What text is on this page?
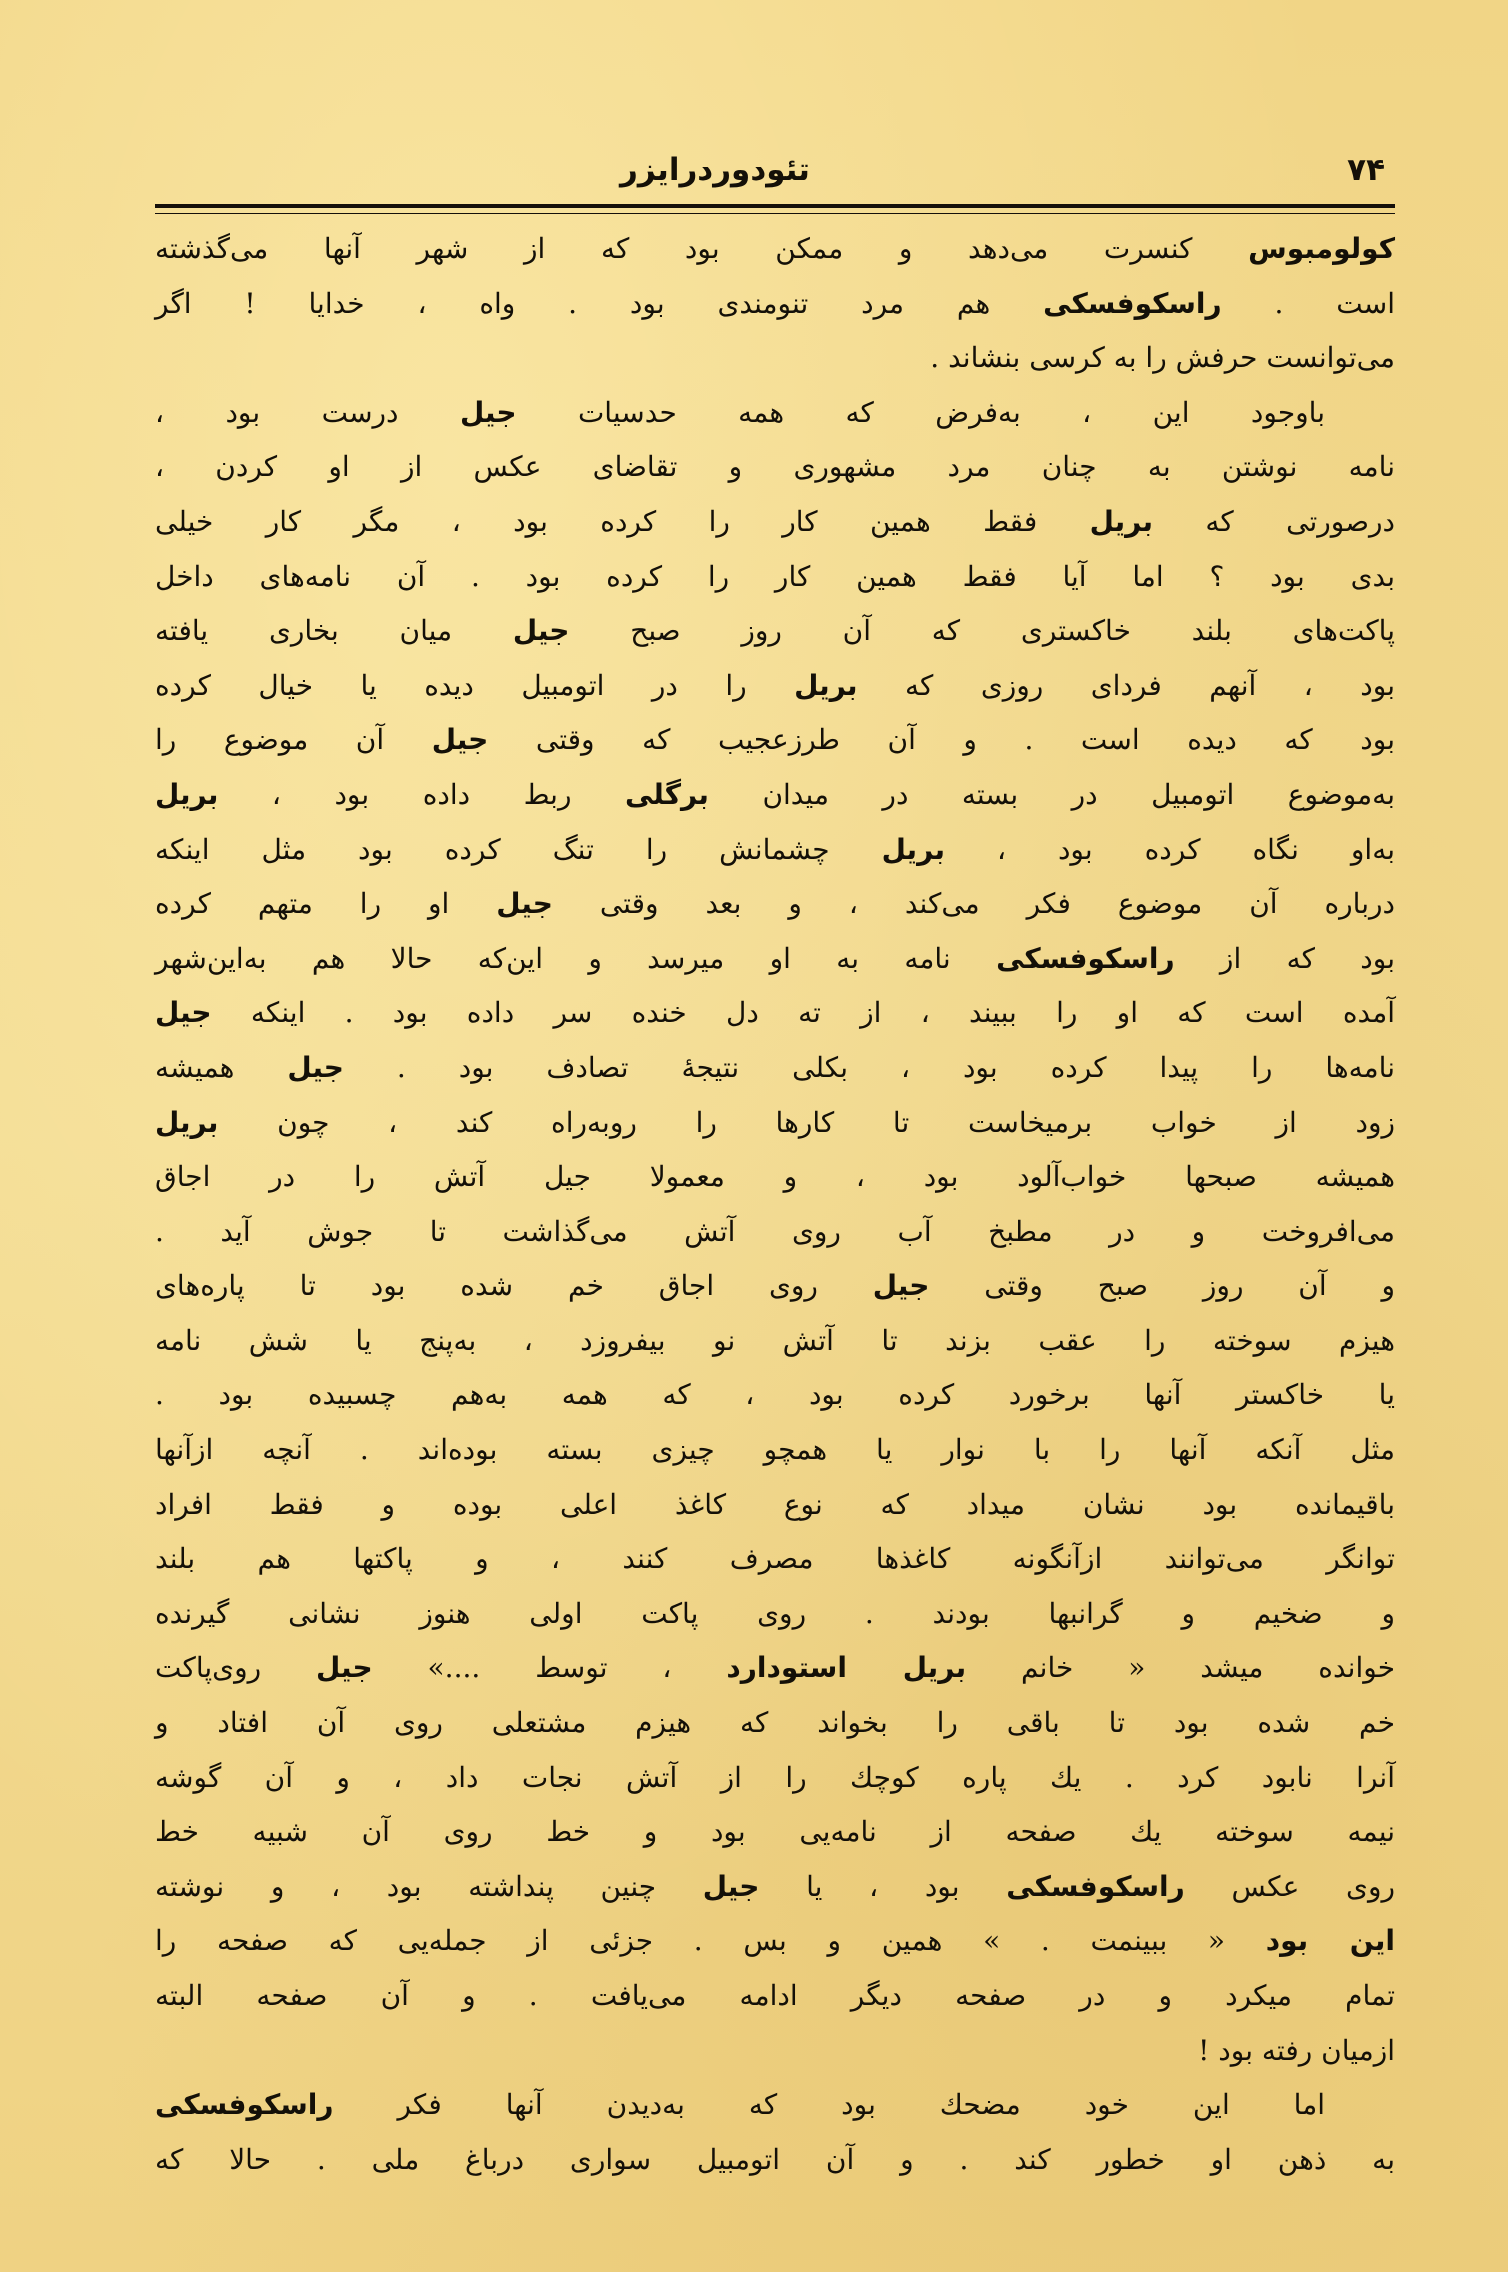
۷۴
تئودوردرایزر
کولومبوس کنسرت می‌دهد و ممکن بود که از شهر آنها می‌گذشته
است . راسکوفسکی هم مرد تنومندی بود . واه ، خدایا ! اگر
می‌توانست حرفش را به کرسی بنشاند .
باوجود این ، به‌فرض که همه حدسیات جیل درست بود ،
نامه نوشتن به چنان مرد مشهوری و تقاضای عکس از او کردن ،
درصورتی که بریل فقط همین کار را کرده بود ، مگر کار خیلی
بدی بود ؟ اما آیا فقط همین کار را کرده بود . آن نامه‌های داخل
پاکت‌های بلند خاکستری که آن روز صبح جیل میان بخاری یافته
بود ، آنهم فردای روزی که بریل را در اتومبیل دیده یا خیال کرده
بود که دیده است . و آن طرزعجیب که وقتی جیل آن موضوع را
به‌موضوع اتومبیل در بسته در میدان برگلی ربط داده بود ، بریل
به‌او نگاه کرده بود ، بریل چشمانش را تنگ کرده بود مثل اینکه
درباره آن موضوع فکر می‌کند ، و بعد وقتی جیل او را متهم کرده
بود که از راسکوفسکی نامه به او میرسد و این‌که حالا هم به‌این‌شهر
آمده است که او را ببیند ، از ته دل خنده سر داده بود . اینکه جیل
نامه‌ها را پیدا کرده بود ، بکلی نتیجهٔ تصادف بود . جیل همیشه
زود از خواب برمیخاست تا کارها را روبه‌راه کند ، چون بریل
همیشه صبحها خواب‌آلود بود ، و معمولا جیل آتش را در اجاق
می‌افروخت و در مطبخ آب روی آتش می‌گذاشت تا جوش آید .
و آن روز صبح وقتی جیل روی اجاق خم شده بود تا پاره‌های
هیزم سوخته را عقب بزند تا آتش نو بیفروزد ، به‌پنج یا شش نامه
یا خاکستر آنها برخورد کرده بود ، که همه به‌هم چسبیده بود .
مثل آنکه آنها را با نوار یا همچو چیزی بسته بوده‌اند . آنچه ازآنها
باقیمانده بود نشان میداد که نوع کاغذ اعلی بوده و فقط افراد
توانگر می‌توانند ازآنگونه کاغذها مصرف کنند ، و پاکتها هم بلند
و ضخیم و گرانبها بودند . روی پاکت اولی هنوز نشانی گیرنده
خوانده میشد « خانم بریل استودارد ، توسط ....» جیل روی‌پاکت
خم شده بود تا باقی را بخواند که هیزم مشتعلی روی آن افتاد و
آنرا نابود کرد . یك پاره کوچك را از آتش نجات داد ، و آن گوشه
نیمه سوخته یك صفحه از نامه‌یی بود و خط روی آن شبیه خط
روی عکس راسکوفسکی بود ، یا جیل چنین پنداشته بود ، و نوشته
این بود « ببینمت . » همین و بس . جزئی از جمله‌یی که صفحه را
تمام میکرد و در صفحه دیگر ادامه می‌یافت . و آن صفحه البته
ازمیان رفته بود !
اما این خود مضحك بود که به‌دیدن آنها فکر راسکوفسکی
به ذهن او خطور کند . و آن اتومبیل سواری درباغ ملی . حالا که
